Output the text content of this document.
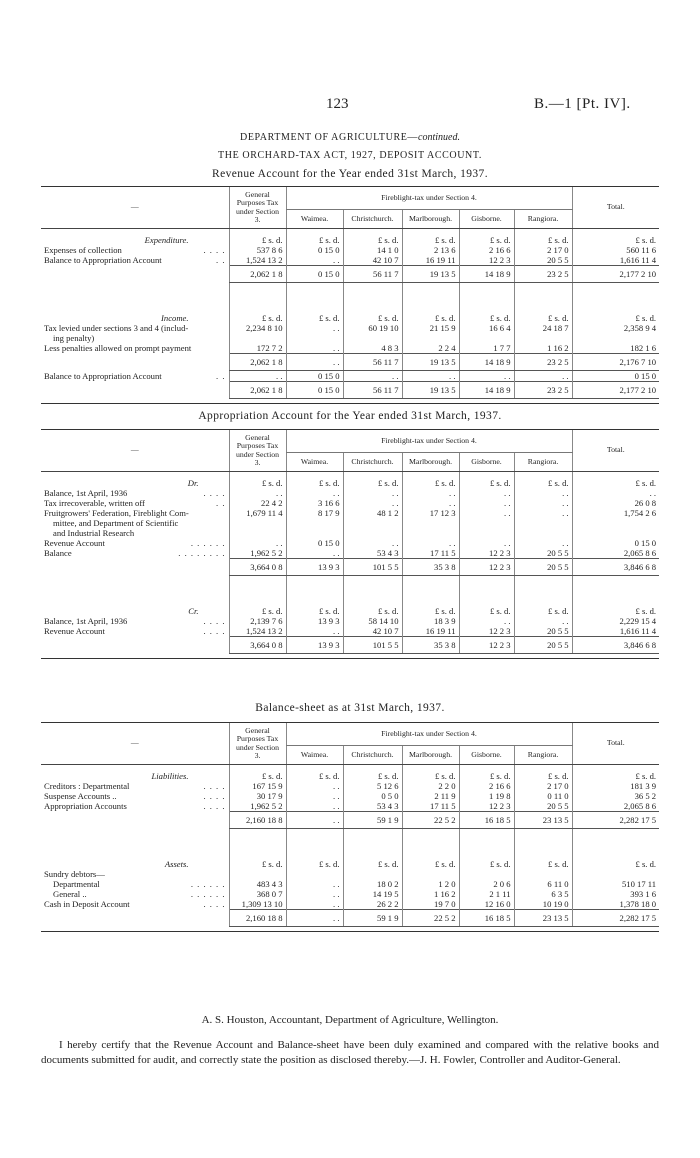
123	B.—1 [Pt. IV].
DEPARTMENT OF AGRICULTURE—continued.
THE ORCHARD-TAX ACT, 1927, DEPOSIT ACCOUNT.
Revenue Account for the Year ended 31st March, 1937.
Appropriation Account for the Year ended 31st March, 1937.
Balance-sheet as at 31st March, 1937.
—	General Purposes Tax under Section 3.	Fireblight-tax under Section 4.					Total.
		Waimea.	Christchurch.	Marlborough.	Gisborne.	Rangiora.	
Expenditure.	£ s. d.	£ s. d.	£ s. d.	£ s. d.	£ s. d.	£ s. d.	£ s. d.
Expenses of collection . . . .	537 8 6	0 15 0	14 1 0	2 13 6	2 16 6	2 17 0	560 11 6
Balance to Appropriation Account . .	1,524 13 2	. .	42 10 7	16 19 11	12 2 3	20 5 5	1,616 11 4
	2,062 1 8	0 15 0	56 11 7	19 13 5	14 18 9	23 2 5	2,177 2 10

Income.	£ s. d.	£ s. d.	£ s. d.	£ s. d.	£ s. d.	£ s. d.	£ s. d.
Tax levied under sections 3 and 4 (includ-	2,234 8 10	. .	60 19 10	21 15 9	16 6 4	24 18 7	2,358 9 4
ing penalty)							
Less penalties allowed on prompt payment	172 7 2	. .	4 8 3	2 2 4	1 7 7	1 16 2	182 1 6
	2,062 1 8	. .	56 11 7	19 13 5	14 18 9	23 2 5	2,176 7 10
Balance to Appropriation Account . .	. .	0 15 0	. .	. .	. .	. .	0 15 0
	2,062 1 8	0 15 0	56 11 7	19 13 5	14 18 9	23 2 5	2,177 2 10

—	General Purposes Tax under Section 3.	Fireblight-tax under Section 4.					Total.
		Waimea.	Christchurch.	Marlborough.	Gisborne.	Rangiora.	
Dr.	£ s. d.	£ s. d.	£ s. d.	£ s. d.	£ s. d.	£ s. d.	£ s. d.
Balance, 1st April, 1936 . . . .	. .	. .	. .	. .	. .	. .	. .
Tax irrecoverable, written off . .	22 4 2	3 16 6	. .	. .	. .	. .	26 0 8
Fruitgrowers' Federation, Fireblight Com-	1,679 11 4	8 17 9	48 1 2	17 12 3	. .	. .	1,754 2 6
mittee, and Department of Scientific							
and Industrial Research							
Revenue Account . . . . . .	. .	0 15 0	. .	. .	. .	. .	0 15 0
Balance . . . . . . . .	1,962 5 2	. .	53 4 3	17 11 5	12 2 3	20 5 5	2,065 8 6
	3,664 0 8	13 9 3	101 5 5	35 3 8	12 2 3	20 5 5	3,846 6 8

Cr.	£ s. d.	£ s. d.	£ s. d.	£ s. d.	£ s. d.	£ s. d.	£ s. d.
Balance, 1st April, 1936 . . . .	2,139 7 6	13 9 3	58 14 10	18 3 9	. .	. .	2,229 15 4
Revenue Account . . . .	1,524 13 2	. .	42 10 7	16 19 11	12 2 3	20 5 5	1,616 11 4
	3,664 0 8	13 9 3	101 5 5	35 3 8	12 2 3	20 5 5	3,846 6 8

—	General Purposes Tax under Section 3.	Fireblight-tax under Section 4.					Total.
		Waimea.	Christchurch.	Marlborough.	Gisborne.	Rangiora.	
Liabilities.	£ s. d.	£ s. d.	£ s. d.	£ s. d.	£ s. d.	£ s. d.	£ s. d.
Creditors : Departmental . . . .	167 15 9	. .	5 12 6	2 2 0	2 16 6	2 17 0	181 3 9
Suspense Accounts .. . . . .	30 17 9	. .	0 5 0	2 11 9	1 19 8	0 11 0	36 5 2
Appropriation Accounts . . . .	1,962 5 2	. .	53 4 3	17 11 5	12 2 3	20 5 5	2,065 8 6
	2,160 18 8	. .	59 1 9	22 5 2	16 18 5	23 13 5	2,282 17 5

Assets.	£ s. d.	£ s. d.	£ s. d.	£ s. d.	£ s. d.	£ s. d.	£ s. d.
Sundry debtors—							
Departmental . . . . . .	483 4 3	. .	18 0 2	1 2 0	2 0 6	6 11 0	510 17 11
General .. . . . . . .	368 0 7	. .	14 19 5	1 16 2	2 1 11	6 3 5	393 1 6
Cash in Deposit Account . . . .	1,309 13 10	. .	26 2 2	19 7 0	12 16 0	10 19 0	1,378 18 0
	2,160 18 8	. .	59 1 9	22 5 2	16 18 5	23 13 5	2,282 17 5

A. S. Houston, Accountant, Department of Agriculture, Wellington.
I hereby certify that the Revenue Account and Balance-sheet have been duly examined and compared with the relative books and documents submitted for audit, and correctly state the position as disclosed thereby.—J. H. Fowler, Controller and Auditor-General.
